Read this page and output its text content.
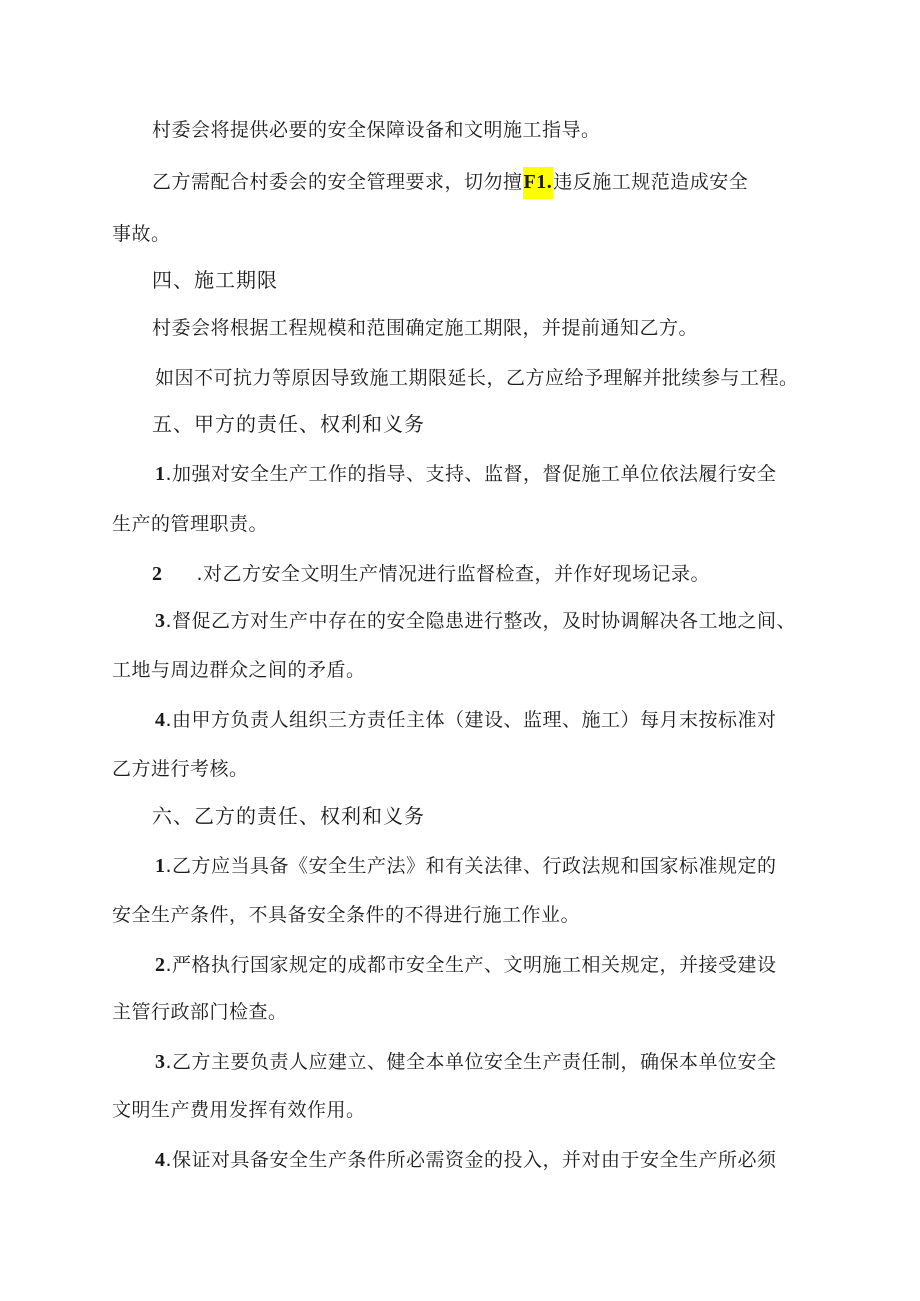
村委会将提供必要的安全保障设备和文明施工指导。
乙方需配合村委会的安全管理要求，切勿擅F1.违反施工规范造成安全
事故。
四、施工期限
村委会将根据工程规模和范围确定施工期限，并提前通知乙方。
如因不可抗力等原因导致施工期限延长，乙方应给予理解并批续参与工程。
五、甲方的责任、权利和义务
1.加强对安全生产工作的指导、支持、监督，督促施工单位依法履行安全
生产的管理职责。
2 .对乙方安全文明生产情况进行监督检查，并作好现场记录。
3.督促乙方对生产中存在的安全隐患进行整改，及时协调解决各工地之间、
工地与周边群众之间的矛盾。
4.由甲方负责人组织三方责任主体（建设、监理、施工）每月末按标准对
乙方进行考核。
六、乙方的责任、权利和义务
1.乙方应当具备《安全生产法》和有关法律、行政法规和国家标准规定的
安全生产条件，不具备安全条件的不得进行施工作业。
2.严格执行国家规定的成都市安全生产、文明施工相关规定，并接受建设
主管行政部门检查。
3.乙方主要负责人应建立、健全本单位安全生产责任制，确保本单位安全
文明生产费用发挥有效作用。
4.保证对具备安全生产条件所必需资金的投入，并对由于安全生产所必须
